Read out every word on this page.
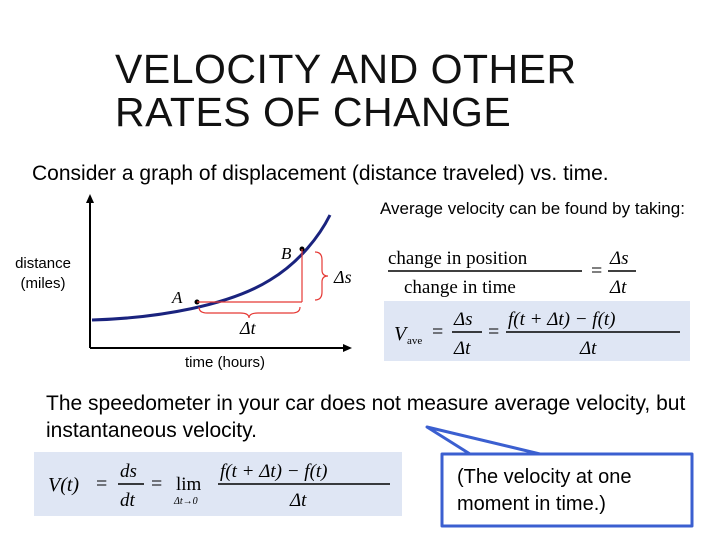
VELOCITY AND OTHER
RATES OF CHANGE
Consider a graph of displacement (distance traveled) vs. time.
A
B
Δs
Δt
distance
(miles)
time (hours)
Average velocity can be found by taking:
change in position
change in time
=
Δs
Δt
V ave =
Δs
Δt
=
f(t + Δt) − f(t)
Δt
The speedometer in your car does not measure average velocity, but instantaneous velocity.
V(t) =
ds
dt
= lim
Δt→0
f(t + Δt) − f(t)
Δt
(The velocity at one moment in time.)
